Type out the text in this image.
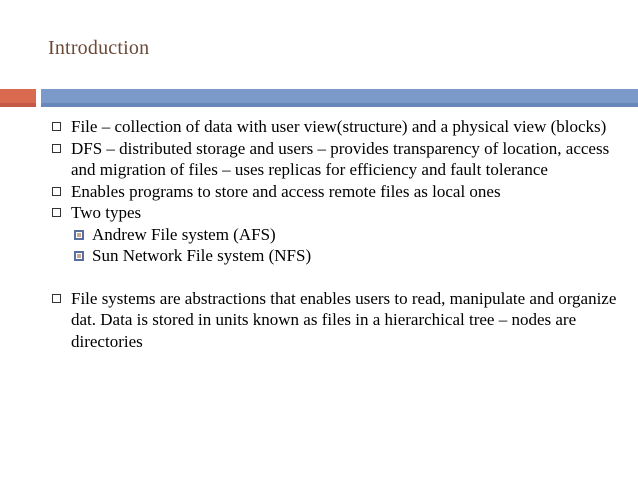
Introduction
File – collection of data with user view(structure) and a physical view (blocks)
DFS – distributed storage and users – provides transparency of location, access and migration of files – uses replicas for efficiency and fault tolerance
Enables programs to store and access remote files as local ones
Two types
Andrew File system (AFS)
Sun Network File system (NFS)
File systems are abstractions that enables users to read, manipulate and organize dat. Data is stored in units known as files in a hierarchical tree – nodes are directories
